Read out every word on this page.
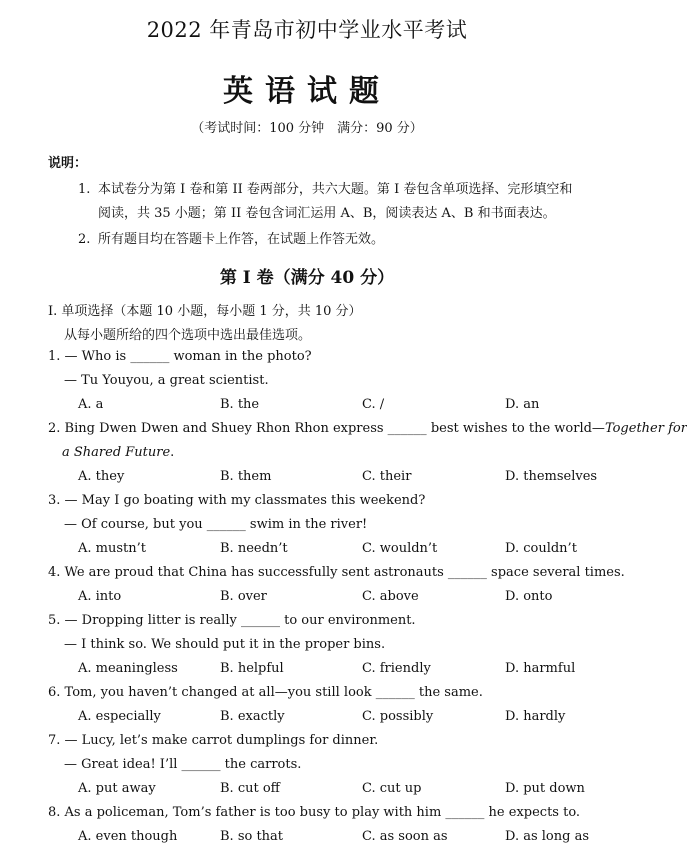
2022 年青岛市初中学业水平考试
英语试题
（考试时间：100 分钟　满分：90 分）
说明：
1. 本试卷分为第 I 卷和第 II 卷两部分，共六大题。第 I 卷包含单项选择、完形填空和
阅读，共 35 小题；第 II 卷包含词汇运用 A、B，阅读表达 A、B 和书面表达。
2. 所有题目均在答题卡上作答，在试题上作答无效。
第 I 卷（满分 40 分）
I. 单项选择（本题 10 小题，每小题 1 分，共 10 分）
从每小题所给的四个选项中选出最佳选项。
1. — Who is ______ woman in the photo?
— Tu Youyou, a great scientist.
A. a	B. the	C. /	D. an
2. Bing Dwen Dwen and Shuey Rhon Rhon express ______ best wishes to the world—Together for
a Shared Future.
A. they	B. them	C. their	D. themselves
3. — May I go boating with my classmates this weekend?
— Of course, but you ______ swim in the river!
A. mustn’t	B. needn’t	C. wouldn’t	D. couldn’t
4. We are proud that China has successfully sent astronauts ______ space several times.
A. into	B. over	C. above	D. onto
5. — Dropping litter is really ______ to our environment.
— I think so. We should put it in the proper bins.
A. meaningless	B. helpful	C. friendly	D. harmful
6. Tom, you haven’t changed at all—you still look ______ the same.
A. especially	B. exactly	C. possibly	D. hardly
7. — Lucy, let’s make carrot dumplings for dinner.
— Great idea! I’ll ______ the carrots.
A. put away	B. cut off	C. cut up	D. put down
8. As a policeman, Tom’s father is too busy to play with him ______ he expects to.
A. even though	B. so that	C. as soon as	D. as long as
